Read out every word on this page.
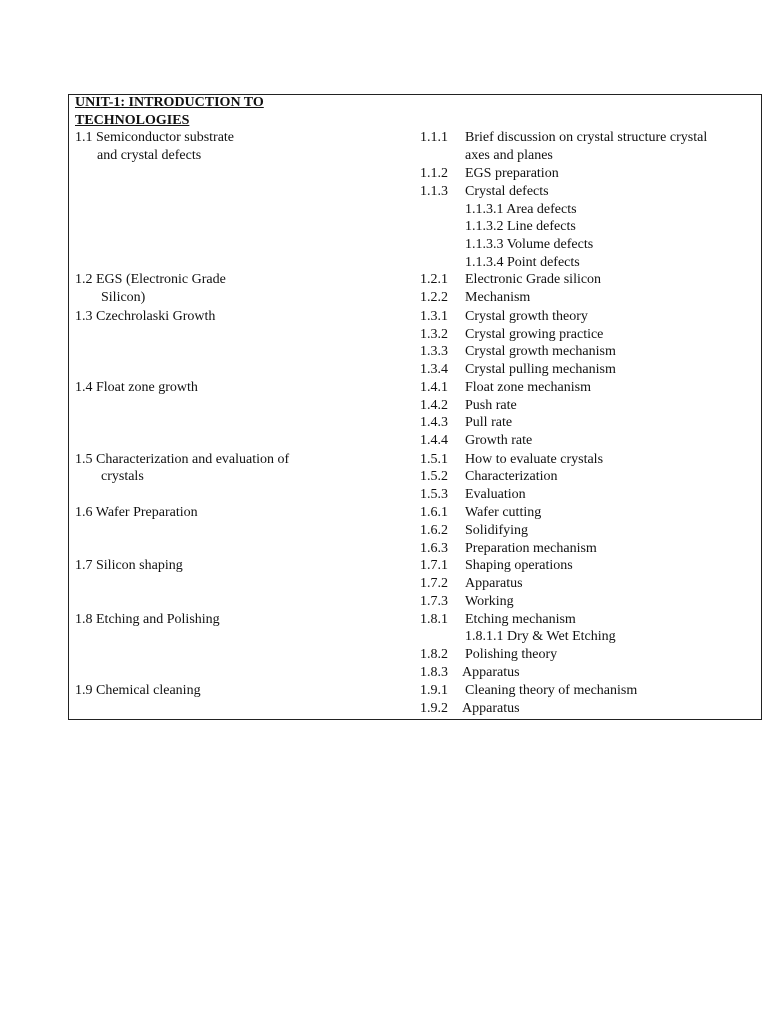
UNIT-1: INTRODUCTION TO
TECHNOLOGIES
1.1 Semiconductor substrate
and crystal defects
1.2 EGS (Electronic Grade
Silicon)
1.3 Czechrolaski Growth
1.4 Float zone growth
1.5 Characterization and evaluation of
crystals
1.6 Wafer Preparation
1.7 Silicon shaping
1.8 Etching and Polishing
1.9 Chemical cleaning
1.1.1 Brief discussion on crystal structure crystal
axes and planes
1.1.2 EGS preparation
1.1.3 Crystal defects
1.1.3.1 Area defects
1.1.3.2 Line defects
1.1.3.3 Volume defects
1.1.3.4 Point defects
1.2.1 Electronic Grade silicon
1.2.2 Mechanism
1.3.1 Crystal growth theory
1.3.2 Crystal growing practice
1.3.3 Crystal growth mechanism
1.3.4 Crystal pulling mechanism
1.4.1 Float zone mechanism
1.4.2 Push rate
1.4.3 Pull rate
1.4.4 Growth rate
1.5.1 How to evaluate crystals
1.5.2 Characterization
1.5.3 Evaluation
1.6.1 Wafer cutting
1.6.2 Solidifying
1.6.3 Preparation mechanism
1.7.1 Shaping operations
1.7.2 Apparatus
1.7.3 Working
1.8.1 Etching mechanism
1.8.1.1 Dry & Wet Etching
1.8.2 Polishing theory
1.8.3 Apparatus
1.9.1 Cleaning theory of mechanism
1.9.2 Apparatus
